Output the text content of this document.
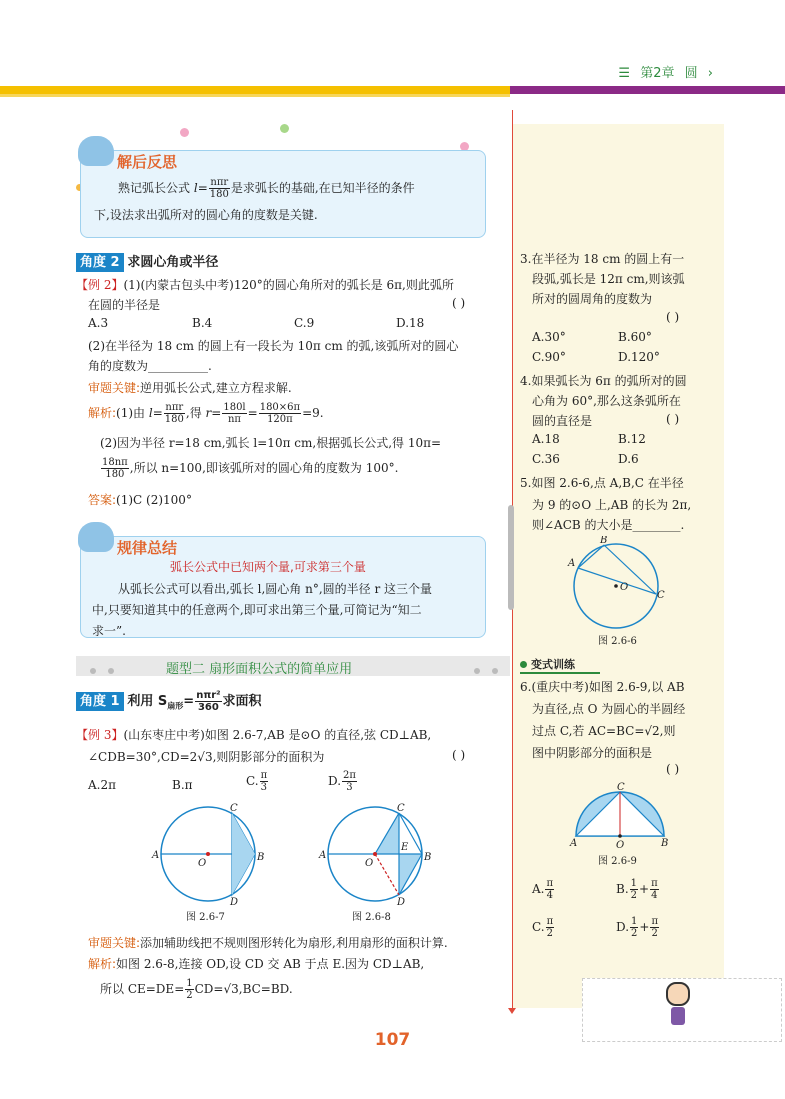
☰ 第2章 圆 ›
解后反思
熟记弧长公式 $l= \frac{\text{nπr}}{180}$ 是求弧长的基础,在已知半径的条件
下,设法求出弧所对的圆心角的度数是关键.
角度 2 求圆心角或半径
【例 2】(1)(内蒙古包头中考)120°的圆心角所对的弧长是 6π,则此弧所
在圆的半径是	( )
A.3	B.4	C.9	D.18
(2)在半径为 18 cm 的圆上有一段长为 10π cm 的弧,该弧所对的圆心
角的度数为__________.
审题关键:逆用弧长公式,建立方程求解.
解析:(1)由 $l= \frac{\text{nπr}}{180}$ ,得 $r= \frac{180l}{n\pi} = \frac{180\times 6\pi}{120\pi} =9$.
(2)因为半径 r=18 cm,弧长 l=10π cm,根据弧长公式,得 10π=
$\frac{18n\pi}{180}$ ,所以 n=100,即该弧所对的圆心角的度数为 100°.
答案:(1)C (2)100°
规律总结
弧长公式中已知两个量,可求第三个量
从弧长公式可以看出,弧长 l,圆心角 n°,圆的半径 r 这三个量
中,只要知道其中的任意两个,即可求出第三个量,可简记为“知二
求一”.
题型二 扇形面积公式的简单应用
角度 1 利用 $S_{扇形}= \frac{\text{nπr²}}{360}$ 求面积
【例 3】(山东枣庄中考)如图 2.6-7,AB 是⊙O 的直径,弦 CD⊥AB,
∠CDB=30°,CD=2√3,则阴影部分的面积为	( )
A.2π	B.π	C. $\frac{\pi}{3}$	D. $\frac{2\pi}{3}$
A	B
C
D
O
图 2.6-7
A	B
C
D
E
O
图 2.6-8
审题关键:添加辅助线把不规则图形转化为扇形,利用扇形的面积计算.
解析:如图 2.6-8,连接 OD,设 CD 交 AB 于点 E.因为 CD⊥AB,
所以 $CE=DE= \frac{1}{2} CD=√3,BC=BD$.
3.在半径为 18 cm 的圆上有一
段弧,弧长是 12π cm,则该弧
所对的圆周角的度数为
( )
A.30°	B.60°
C.90°	D.120°
4.如果弧长为 6π 的弧所对的圆
心角为 60°,那么这条弧所在
圆的直径是	( )
A.18	B.12
C.36	D.6
5.如图 2.6-6,点 A,B,C 在半径
为 9 的⊙O 上,AB 的长为 2π,
则∠ACB 的大小是________.
A
B
C
O
图 2.6-6
变式训练
6.(重庆中考)如图 2.6-9,以 AB
为直径,点 O 为圆心的半圆经
过点 C,若 AC=BC=√2,则
图中阴影部分的面积是
( )
A	B
C
O
图 2.6-9
A. $\frac{\pi}{4}$	B. $\frac{1}{2} + \frac{\pi}{4}$
C. $\frac{\pi}{2}$	D. $\frac{1}{2} + \frac{\pi}{2}$
107
